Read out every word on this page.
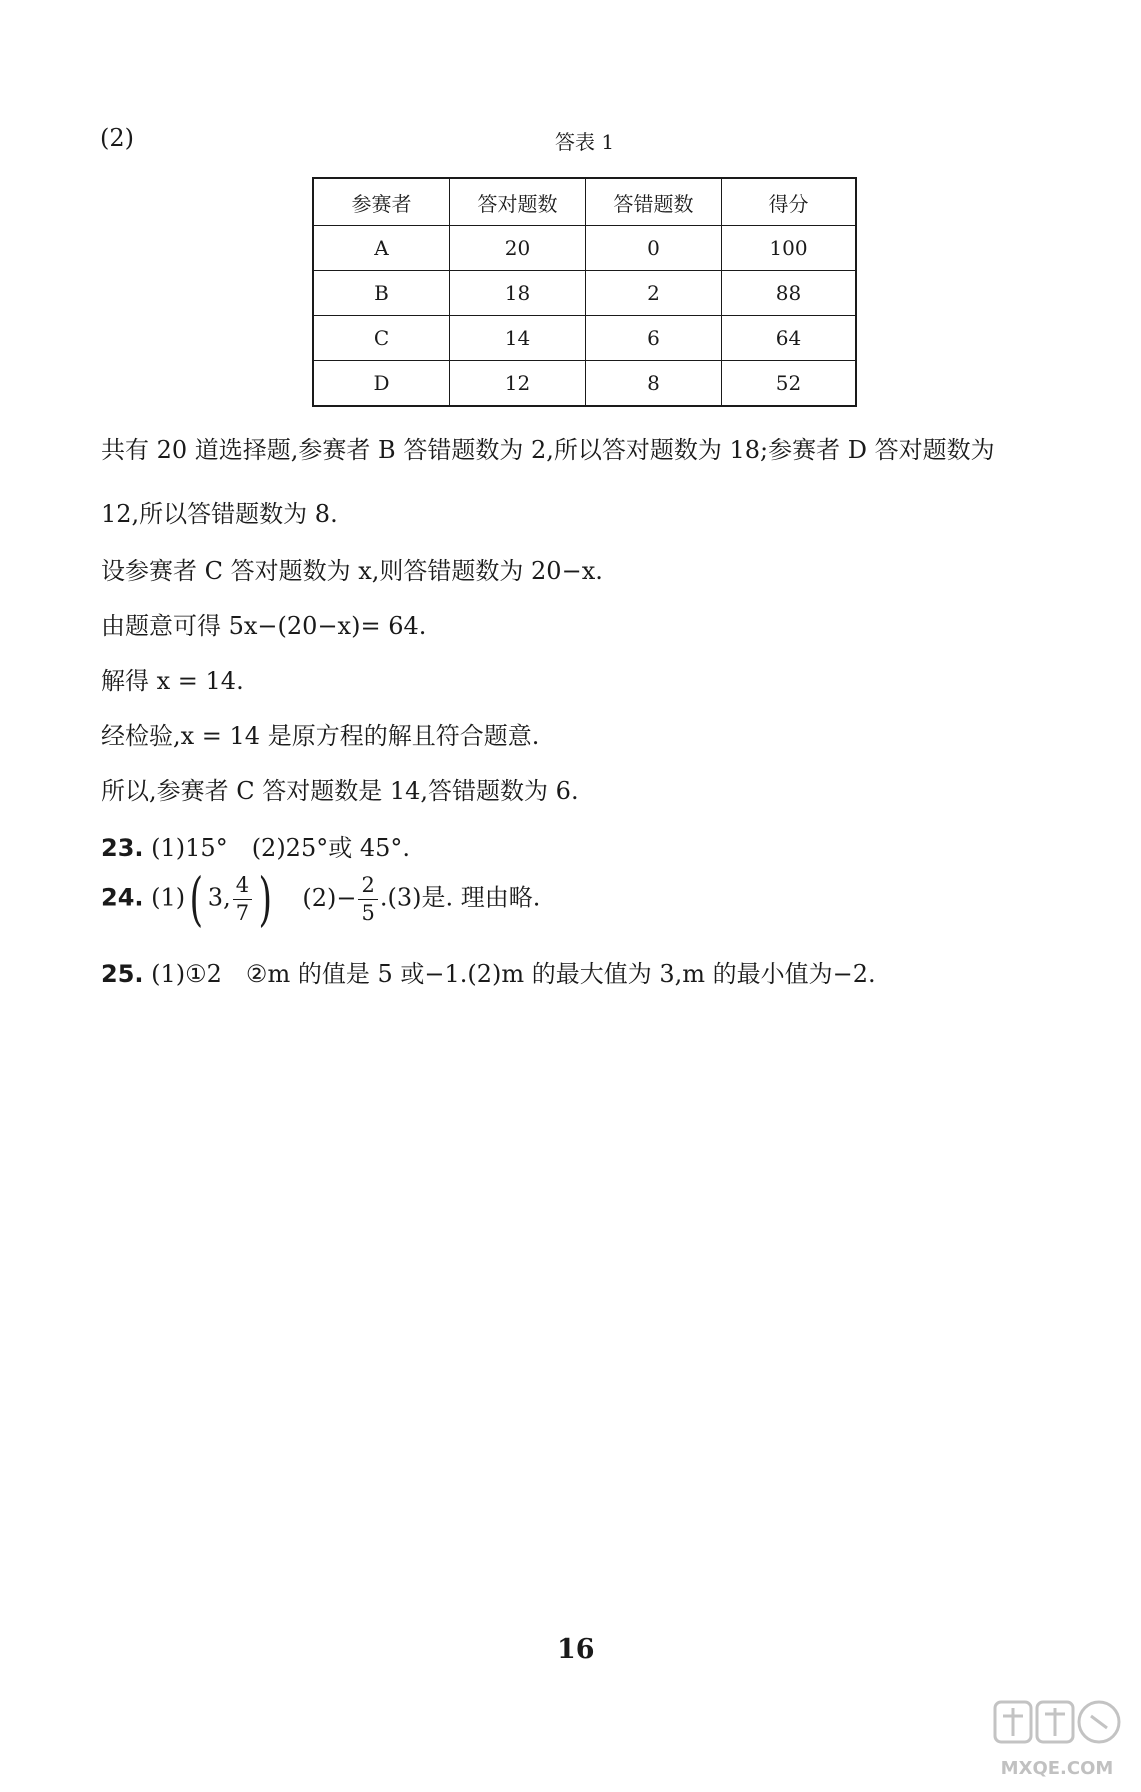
(2)	答表 1
参赛者	答对题数	答错题数	得分
A	20	0	100
B	18	2	88
C	14	6	64
D	12	8	52
共有 20 道选择题,参赛者 B 答错题数为 2,所以答对题数为 18;参赛者 D 答对题数为
12,所以答错题数为 8.
设参赛者 C 答对题数为 x,则答错题数为 20−x.
由题意可得 5x−(20−x)= 64.
解得 x = 14.
经检验,x = 14 是原方程的解且符合题意.
所以,参赛者 C 答对题数是 14,答错题数为 6.
23. (1)15°　(2)25°或 45°.
24. (1)( 3, $\frac{4}{7}$ ) $(2)- \frac{2}{5} .(3)$是. 理由略.
25. (1)①2　②m 的值是 5 或−1.(2)m 的最大值为 3,m 的最小值为−2.
16
MXQE.COM
